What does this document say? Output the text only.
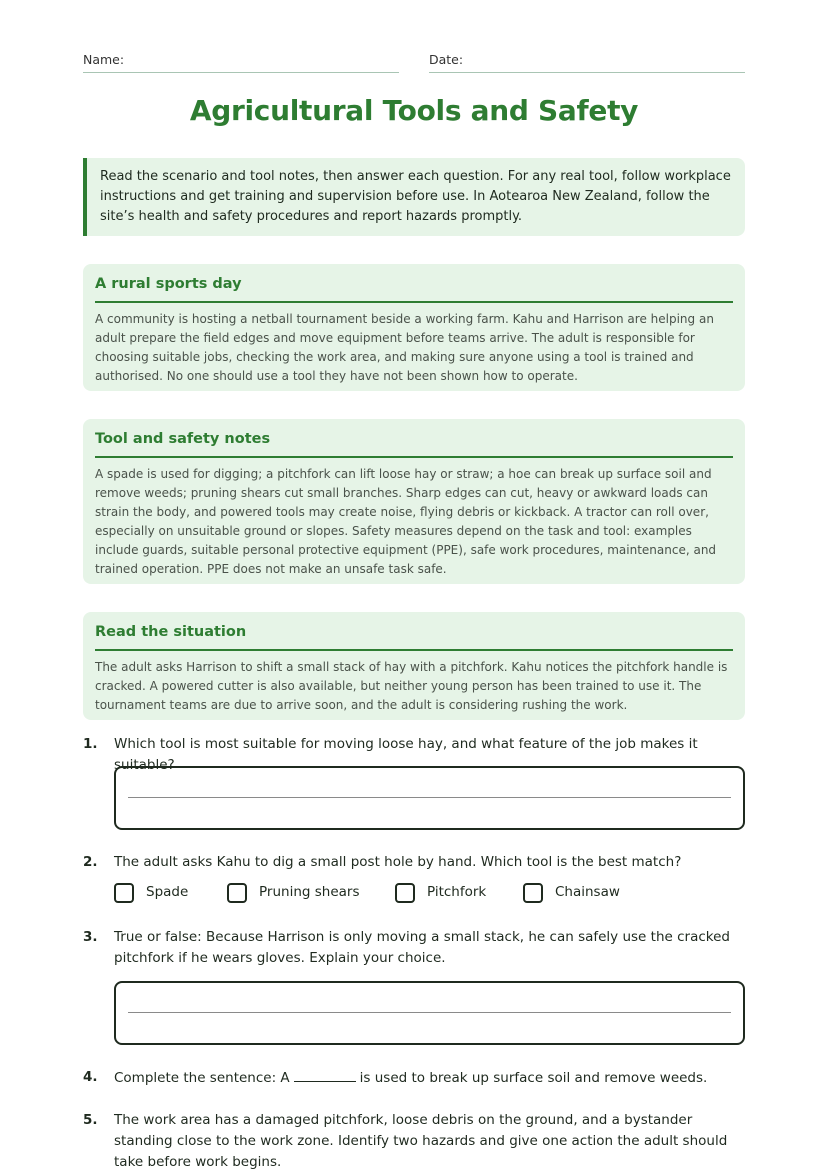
Name:	Date:
Agricultural Tools and Safety
Read the scenario and tool notes, then answer each question. For any real tool, follow workplace instructions and get training and supervision before use. In Aotearoa New Zealand, follow the site’s health and safety procedures and report hazards promptly.
A rural sports day

A community is hosting a netball tournament beside a working farm. Kahu and Harrison are helping an adult prepare the field edges and move equipment before teams arrive. The adult is responsible for choosing suitable jobs, checking the work area, and making sure anyone using a tool is trained and authorised. No one should use a tool they have not been shown how to operate.

Tool and safety notes

A spade is used for digging; a pitchfork can lift loose hay or straw; a hoe can break up surface soil and remove weeds; pruning shears cut small branches. Sharp edges can cut, heavy or awkward loads can strain the body, and powered tools may create noise, flying debris or kickback. A tractor can roll over, especially on unsuitable ground or slopes. Safety measures depend on the task and tool: examples include guards, suitable personal protective equipment (PPE), safe work procedures, maintenance, and trained operation. PPE does not make an unsafe task safe.

Read the situation

The adult asks Harrison to shift a small stack of hay with a pitchfork. Kahu notices the pitchfork handle is cracked. A powered cutter is also available, but neither young person has been trained to use it. The tournament teams are due to arrive soon, and the adult is considering rushing the work.

1. Which tool is most suitable for moving loose hay, and what feature of the job makes it suitable?
2. The adult asks Kahu to dig a small post hole by hand. Which tool is the best match?
Spade	Pruning shears	Pitchfork	Chainsaw
3. True or false: Because Harrison is only moving a small stack, he can safely use the cracked pitchfork if he wears gloves. Explain your choice.
4. Complete the sentence: A	is used to break up surface soil and remove weeds.
5. The work area has a damaged pitchfork, loose debris on the ground, and a bystander standing close to the work zone. Identify two hazards and give one action the adult should take before work begins.
